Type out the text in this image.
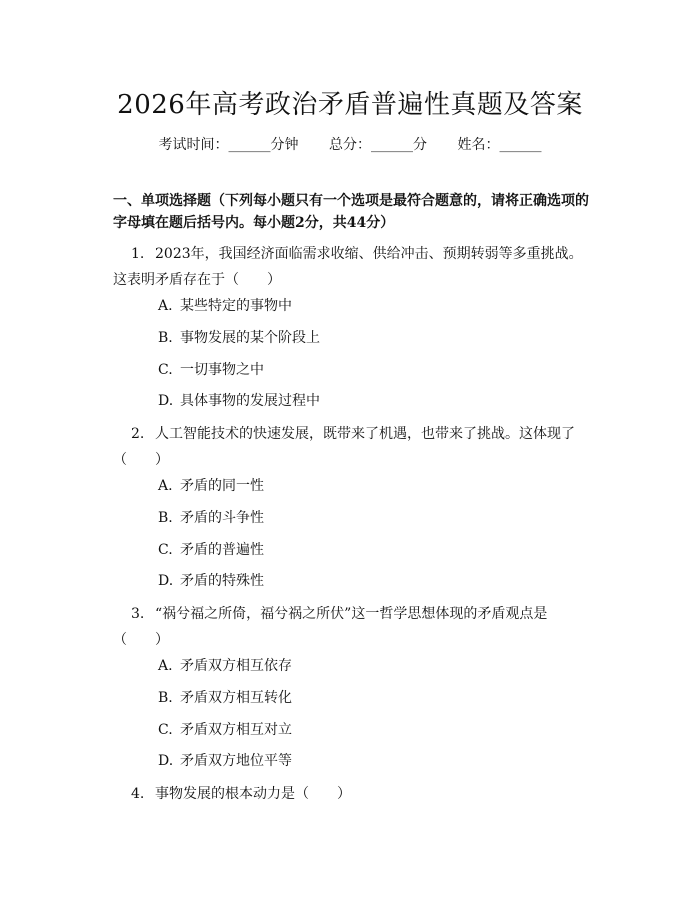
2026年高考政治矛盾普遍性真题及答案
考试时间：______分钟 总分：______分 姓名：______
一、单项选择题（下列每小题只有一个选项是最符合题意的，请将正确选项的字母填在题后括号内。每小题2分，共44分）
1. 2023年，我国经济面临需求收缩、供给冲击、预期转弱等多重挑战。这表明矛盾存在于（　　）
A. 某些特定的事物中
B. 事物发展的某个阶段上
C. 一切事物之中
D. 具体事物的发展过程中
2. 人工智能技术的快速发展，既带来了机遇，也带来了挑战。这体现了（　　）
A. 矛盾的同一性
B. 矛盾的斗争性
C. 矛盾的普遍性
D. 矛盾的特殊性
3. “祸兮福之所倚，福兮祸之所伏”这一哲学思想体现的矛盾观点是（　　）
A. 矛盾双方相互依存
B. 矛盾双方相互转化
C. 矛盾双方相互对立
D. 矛盾双方地位平等
4. 事物发展的根本动力是（　　）
